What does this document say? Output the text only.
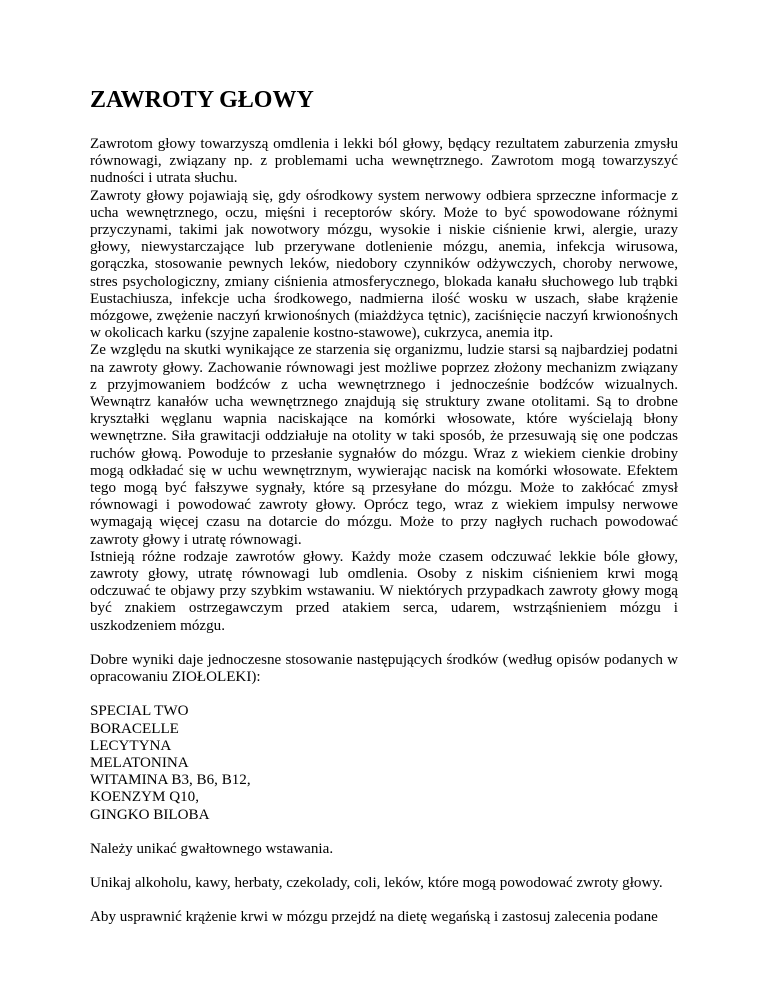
ZAWROTY GŁOWY

Zawrotom głowy towarzyszą omdlenia i lekki ból głowy, będący rezultatem zaburzenia zmysłu równowagi, związany np. z problemami ucha wewnętrznego. Zawrotom mogą towarzyszyć nudności i utrata słuchu.

Zawroty głowy pojawiają się, gdy ośrodkowy system nerwowy odbiera sprzeczne informacje z ucha wewnętrznego, oczu, mięśni i receptorów skóry. Może to być spowodowane różnymi przyczynami, takimi jak nowotwory mózgu, wysokie i niskie ciśnienie krwi, alergie, urazy głowy, niewystarczające lub przerywane dotlenienie mózgu, anemia, infekcja wirusowa, gorączka, stosowanie pewnych leków, niedobory czynników odżywczych, choroby nerwowe, stres psychologiczny, zmiany ciśnienia atmosferycznego, blokada kanału słuchowego lub trąbki Eustachiusza, infekcje ucha środkowego, nadmierna ilość wosku w uszach, słabe krążenie mózgowe, zwężenie naczyń krwionośnych (miażdżyca tętnic), zaciśnięcie naczyń krwionośnych w okolicach karku (szyjne zapalenie kostno-stawowe), cukrzyca, anemia itp.

Ze względu na skutki wynikające ze starzenia się organizmu, ludzie starsi są najbardziej podatni na zawroty głowy. Zachowanie równowagi jest możliwe poprzez złożony mechanizm związany z przyjmowaniem bodźców z ucha wewnętrznego i jednocześnie bodźców wizualnych. Wewnątrz kanałów ucha wewnętrznego znajdują się struktury zwane otolitami. Są to drobne kryształki węglanu wapnia naciskające na komórki włosowate, które wyścielają błony wewnętrzne. Siła grawitacji oddziałuje na otolity w taki sposób, że przesuwają się one podczas ruchów głową. Powoduje to przesłanie sygnałów do mózgu. Wraz z wiekiem cienkie drobiny mogą odkładać się w uchu wewnętrznym, wywierając nacisk na komórki włosowate. Efektem tego mogą być fałszywe sygnały, które są przesyłane do mózgu. Może to zakłócać zmysł równowagi i powodować zawroty głowy. Oprócz tego, wraz z wiekiem impulsy nerwowe wymagają więcej czasu na dotarcie do mózgu. Może to przy nagłych ruchach powodować zawroty głowy i utratę równowagi.

Istnieją różne rodzaje zawrotów głowy. Każdy może czasem odczuwać lekkie bóle głowy, zawroty głowy, utratę równowagi lub omdlenia. Osoby z niskim ciśnieniem krwi mogą odczuwać te objawy przy szybkim wstawaniu. W niektórych przypadkach zawroty głowy mogą być znakiem ostrzegawczym przed atakiem serca, udarem, wstrząśnieniem mózgu i uszkodzeniem mózgu.

Dobre wyniki daje jednoczesne stosowanie następujących środków (według opisów podanych w opracowaniu ZIOŁOLEKI):

SPECIAL TWO
BORACELLE
LECYTYNA
MELATONINA
WITAMINA B3, B6, B12,
KOENZYM Q10,
GINGKO BILOBA

Należy unikać gwałtownego wstawania.

Unikaj alkoholu, kawy, herbaty, czekolady, coli, leków, które mogą powodować zwroty głowy.

Aby usprawnić krążenie krwi w mózgu przejdź na dietę wegańską i zastosuj zalecenia podane
